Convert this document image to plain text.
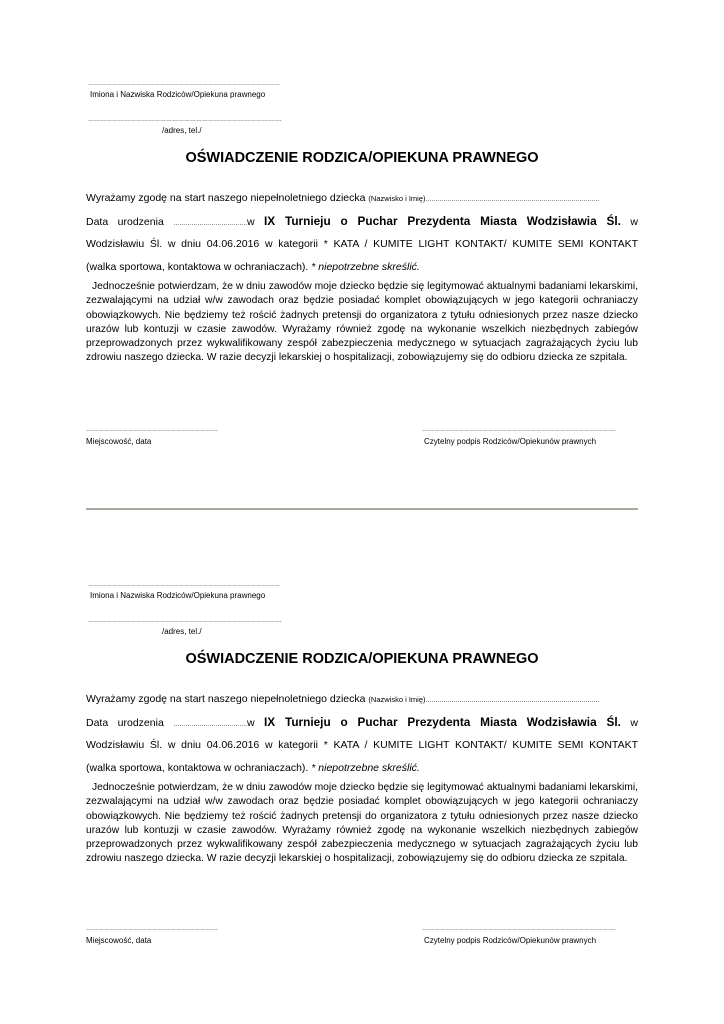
……………………………………………………………………………………
Imiona i Nazwiska Rodziców/Opiekuna prawnego
…………………………………………………………………………………….
/adres, tel./
OŚWIADCZENIE RODZICA/OPIEKUNA PRAWNEGO
Wyrażamy zgodę na start naszego niepełnoletniego dziecka (Nazwisko i Imię)……………………………………………………………………………
Data urodzenia ……………………………….w IX Turnieju o Puchar Prezydenta Miasta Wodzisławia Śl. w
Wodzisławiu Śl. w dniu 04.06.2016 w kategorii * KATA / KUMITE LIGHT KONTAKT/ KUMITE SEMI KONTAKT
(walka sportowa, kontaktowa w ochraniaczach). * niepotrzebne skreślić.
Jednocześnie potwierdzam, że w dniu zawodów moje dziecko będzie się legitymować aktualnymi badaniami lekarskimi, zezwalającymi na udział w/w zawodach oraz będzie posiadać komplet obowiązujących w jego kategorii ochraniaczy obowiązkowych. Nie będziemy też rościć żadnych pretensji do organizatora z tytułu odniesionych przez nasze dziecko urazów lub kontuzji w czasie zawodów. Wyrażamy również zgodę na wykonanie wszelkich niezbędnych zabiegów przeprowadzonych przez wykwalifikowany zespół zabezpieczenia medycznego w sytuacjach zagrażających życiu lub zdrowiu naszego dziecka. W razie decyzji lekarskiej o hospitalizacji, zobowiązujemy się do odbioru dziecka ze szpitala.
…………………………………………………………
Miejscowość, data
…………………………………………………………………………………….
Czytelny podpis Rodziców/Opiekunów prawnych
……………………………………………………………………………………
Imiona i Nazwiska Rodziców/Opiekuna prawnego
…………………………………………………………………………………….
/adres, tel./
OŚWIADCZENIE RODZICA/OPIEKUNA PRAWNEGO
Wyrażamy zgodę na start naszego niepełnoletniego dziecka (Nazwisko i Imię)……………………………………………………………………………
Data urodzenia ……………………………….w IX Turnieju o Puchar Prezydenta Miasta Wodzisławia Śl. w
Wodzisławiu Śl. w dniu 04.06.2016 w kategorii * KATA / KUMITE LIGHT KONTAKT/ KUMITE SEMI KONTAKT
(walka sportowa, kontaktowa w ochraniaczach). * niepotrzebne skreślić.
Jednocześnie potwierdzam, że w dniu zawodów moje dziecko będzie się legitymować aktualnymi badaniami lekarskimi, zezwalającymi na udział w/w zawodach oraz będzie posiadać komplet obowiązujących w jego kategorii ochraniaczy obowiązkowych. Nie będziemy też rościć żadnych pretensji do organizatora z tytułu odniesionych przez nasze dziecko urazów lub kontuzji w czasie zawodów. Wyrażamy również zgodę na wykonanie wszelkich niezbędnych zabiegów przeprowadzonych przez wykwalifikowany zespół zabezpieczenia medycznego w sytuacjach zagrażających życiu lub zdrowiu naszego dziecka. W razie decyzji lekarskiej o hospitalizacji, zobowiązujemy się do odbioru dziecka ze szpitala.
…………………………………………………………
Miejscowość, data
…………………………………………………………………………………….
Czytelny podpis Rodziców/Opiekunów prawnych
